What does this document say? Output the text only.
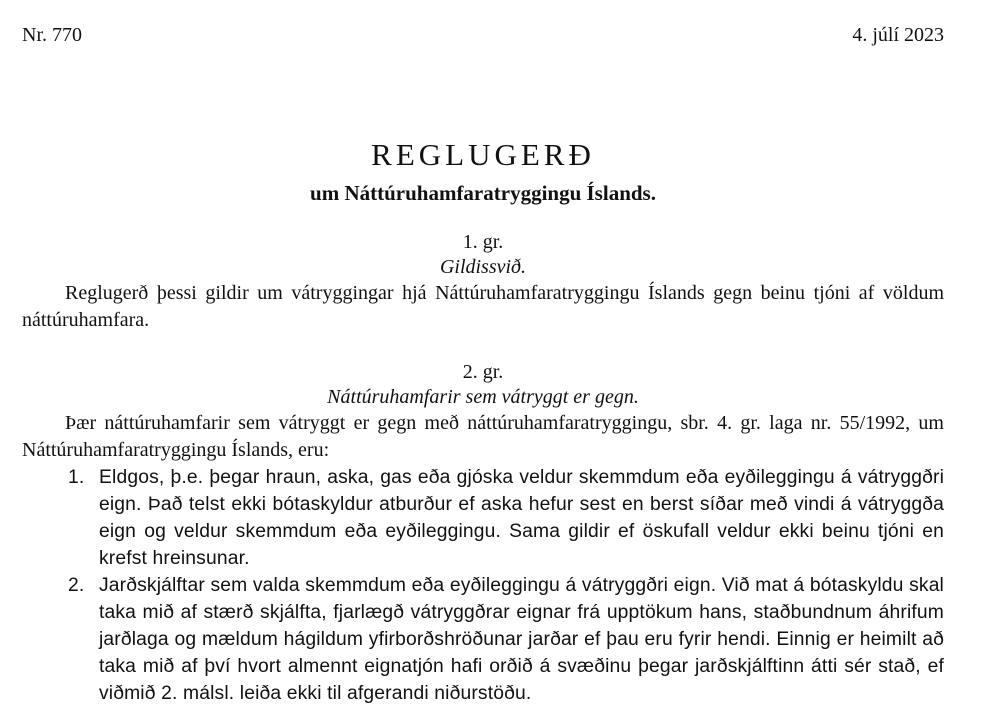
Nr. 770	4. júlí 2023
REGLUGERÐ
um Náttúruhamfaratryggingu Íslands.
1. gr.
Gildissvið.

Reglugerð þessi gildir um vátryggingar hjá Náttúruhamfaratryggingu Íslands gegn beinu tjóni af völdum náttúruhamfara.

2. gr.
Náttúruhamfarir sem vátryggt er gegn.

Þær náttúruhamfarir sem vátryggt er gegn með náttúruhamfaratryggingu, sbr. 4. gr. laga nr. 55/1992, um Náttúruhamfaratryggingu Íslands, eru:

1. Eldgos, þ.e. þegar hraun, aska, gas eða gjóska veldur skemmdum eða eyðileggingu á vátryggðri eign. Það telst ekki bótaskyldur atburður ef aska hefur sest en berst síðar með vindi á vátryggða eign og veldur skemmdum eða eyðileggingu. Sama gildir ef öskufall veldur ekki beinu tjóni en krefst hreinsunar.
2. Jarðskjálftar sem valda skemmdum eða eyðileggingu á vátryggðri eign. Við mat á bótaskyldu skal taka mið af stærð skjálfta, fjarlægð vátryggðrar eignar frá upptökum hans, staðbundnum áhrifum jarðlaga og mældum hágildum yfirborðshröðunar jarðar ef þau eru fyrir hendi. Einnig er heimilt að taka mið af því hvort almennt eignatjón hafi orðið á svæðinu þegar jarðskjálftinn átti sér stað, ef viðmið 2. málsl. leiða ekki til afgerandi niðurstöðu.
